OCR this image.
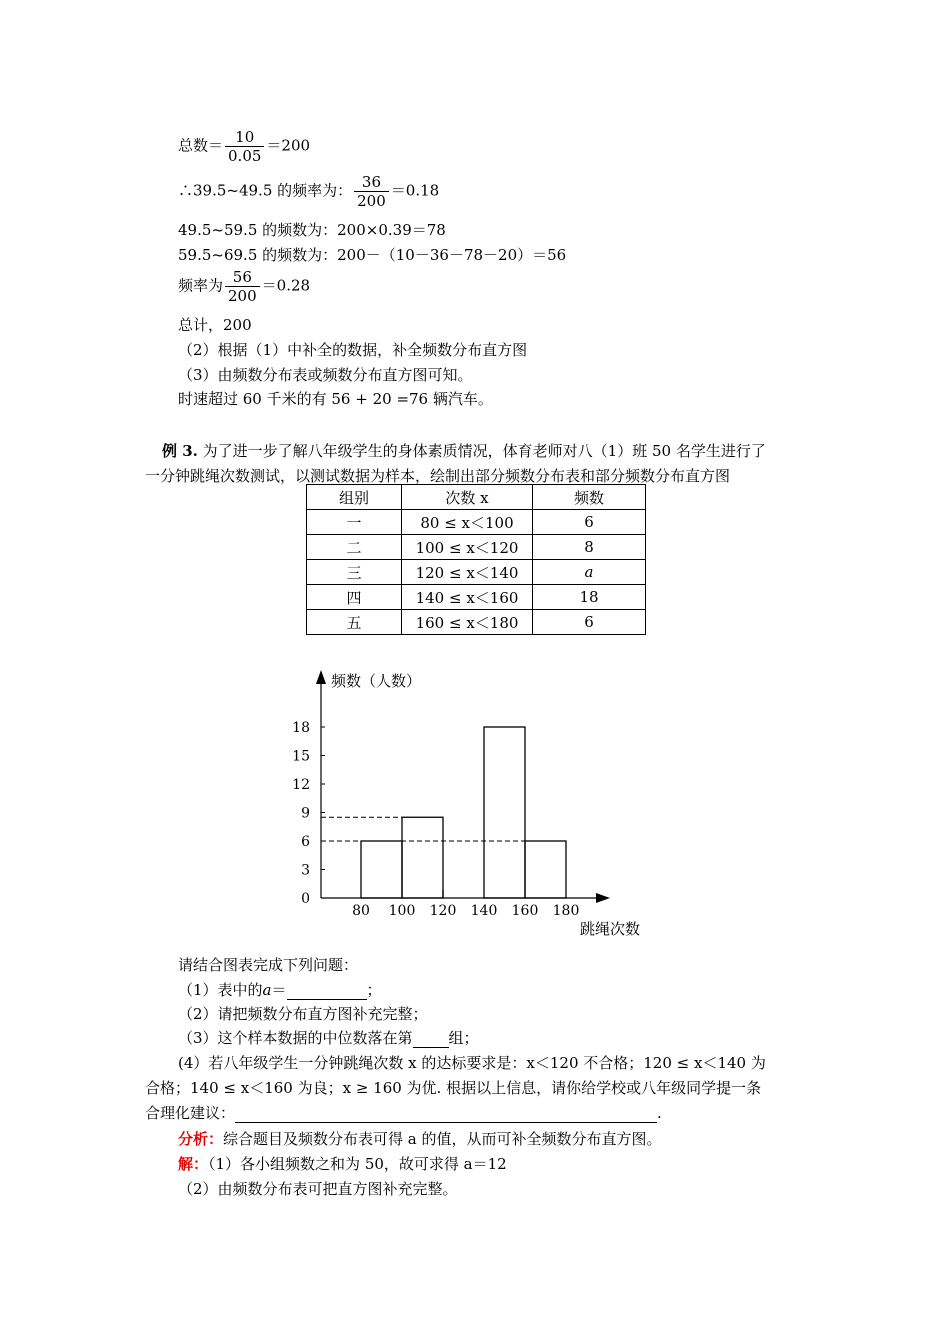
总数＝ $\frac{10}{0.05} =200$
∴39.5~49.5 的频率为： $\frac{36}{200} =0.18$
49.5~59.5 的频数为：200×0.39＝78
59.5~69.5 的频数为：200－（10－36－78－20）＝56
频率为 $\frac{56}{200} =0.28$
总计，200
（2）根据（1）中补全的数据，补全频数分布直方图
（3）由频数分布表或频数分布直方图可知。
时速超过 60 千米的有 56 + 20 =76 辆汽车。
例 3. 为了进一步了解八年级学生的身体素质情况，体育老师对八（1）班 50 名学生进行了
一分钟跳绳次数测试，以测试数据为样本，绘制出部分频数分布表和部分频数分布直方图
组别	次数 x	频数
一	80 ≤ x＜100	6
二	100 ≤ x＜120	8
三	120 ≤ x＜140	a
四	140 ≤ x＜160	18
五	160 ≤ x＜180	6
频数（人数）
跳绳次数
0
3
6
9
12
15
18
80 100 120 140 160 180
请结合图表完成下列问题：
（1）表中的a＝	；
（2）请把频数分布直方图补充完整；
（3）这个样本数据的中位数落在第 组；
(4）若八年级学生一分钟跳绳次数 x 的达标要求是：x＜120 不合格；120 ≤ x＜140 为
合格；140 ≤ x＜160 为良；x ≥ 160 为优. 根据以上信息，请你给学校或八年级同学提一条
合理化建议：	.
分析：综合题目及频数分布表可得 a 的值，从而可补全频数分布直方图。
解：（1）各小组频数之和为 50，故可求得 a＝12
（2）由频数分布表可把直方图补充完整。
